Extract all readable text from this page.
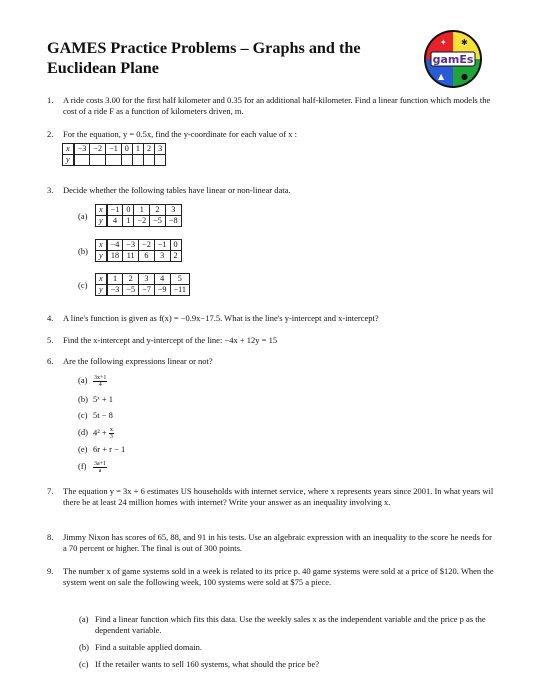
GAMES Practice Problems – Graphs and the Euclidean Plane
✦ ✱
▲ ●
gamEs
1. A ride costs 3.00 for the first half kilometer and 0.35 for an additional half-kilometer. Find a linear function which models the cost of a ride F as a function of kilometers driven, m.
2. For the equation, y = 0.5x, find the y-coordinate for each value of x :
x	−3	−2	−1	0	1	2	3
y							
3. Decide whether the following tables have linear or non-linear data.
(a)
x	−1	0	1	2	3
y	4	1	−2	−5	−8
(b)
x	−4	−3	−2	−1	0
y	18	11	6	3	2
(c)
x	1	2	3	4	5
y	−3	−5	−7	−9	−11
4. A line's function is given as f(x) = −0.9x−17.5. What is the line's y-intercept and x-intercept?
5. Find the x-intercept and y-intercept of the line: −4x + 12y = 15
6. Are the following expressions linear or not?
$(a) \frac{3x+1}{4}$
(b) 5ˣ + 1
(c) 5t − 8
(d) $4^2 + \frac{x}{3}$
(e) 6r + r − 1
$(f) \frac{3a+1}{a}$
7. The equation y = 3x + 6 estimates US households with internet service, where x represents years since 2001. In what years wil there be at least 24 million homes with internet? Write your answer as an inequality involving x.
8. Jimmy Nixon has scores of 65, 88, and 91 in his tests. Use an algebraic expression with an inequality to the score he needs for a 70 percent or higher. The final is out of 300 points.
9. The number x of game systems sold in a week is related to its price p. 40 game systems were sold at a price of $120. When the system went on sale the following week, 100 systems were sold at $75 a piece.
(a) Find a linear function which fits this data. Use the weekly sales x as the independent variable and the price p as the dependent variable.
(b) Find a suitable applied domain.
(c) If the retailer wants to sell 160 systems, what should the price be?
